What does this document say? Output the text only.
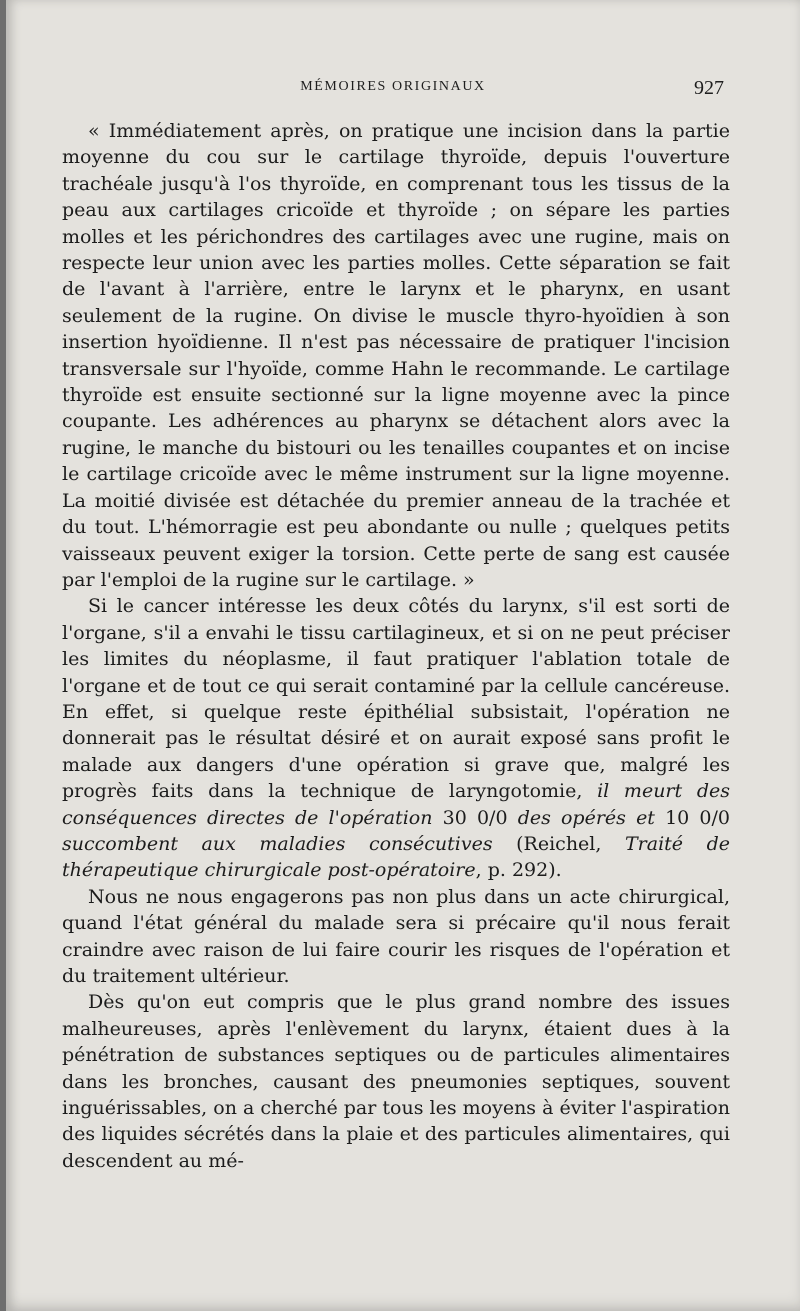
MÉMOIRES ORIGINAUX	927

« Immédiatement après, on pratique une incision dans la partie moyenne du cou sur le cartilage thyroïde, depuis l'ouverture trachéale jusqu'à l'os thyroïde, en comprenant tous les tissus de la peau aux cartilages cricoïde et thyroïde ; on sépare les parties molles et les périchondres des cartilages avec une rugine, mais on respecte leur union avec les parties molles. Cette séparation se fait de l'avant à l'arrière, entre le larynx et le pharynx, en usant seulement de la rugine. On divise le muscle thyro-hyoïdien à son insertion hyoïdienne. Il n'est pas nécessaire de pratiquer l'incision transversale sur l'hyoïde, comme Hahn le recommande. Le cartilage thyroïde est ensuite sectionné sur la ligne moyenne avec la pince coupante. Les adhérences au pharynx se détachent alors avec la rugine, le manche du bistouri ou les tenailles coupantes et on incise le cartilage cricoïde avec le même instrument sur la ligne moyenne. La moitié divisée est détachée du premier anneau de la trachée et du tout. L'hémorragie est peu abondante ou nulle ; quelques petits vaisseaux peuvent exiger la torsion. Cette perte de sang est causée par l'emploi de la rugine sur le cartilage. »

Si le cancer intéresse les deux côtés du larynx, s'il est sorti de l'organe, s'il a envahi le tissu cartilagineux, et si on ne peut préciser les limites du néoplasme, il faut pratiquer l'ablation totale de l'organe et de tout ce qui serait contaminé par la cellule cancéreuse. En effet, si quelque reste épithélial subsistait, l'opération ne donnerait pas le résultat désiré et on aurait exposé sans profit le malade aux dangers d'une opération si grave que, malgré les progrès faits dans la technique de laryngotomie, il meurt des conséquences directes de l'opération 30 0/0 des opérés et 10 0/0 succombent aux maladies consécutives (Reichel, Traité de thérapeutique chirurgicale post-opératoire, p. 292).

Nous ne nous engagerons pas non plus dans un acte chirurgical, quand l'état général du malade sera si précaire qu'il nous ferait craindre avec raison de lui faire courir les risques de l'opération et du traitement ultérieur.

Dès qu'on eut compris que le plus grand nombre des issues malheureuses, après l'enlèvement du larynx, étaient dues à la pénétration de substances septiques ou de particules alimentaires dans les bronches, causant des pneumonies septiques, souvent inguérissables, on a cherché par tous les moyens à éviter l'aspiration des liquides sécrétés dans la plaie et des particules alimentaires, qui descendent au mé-
